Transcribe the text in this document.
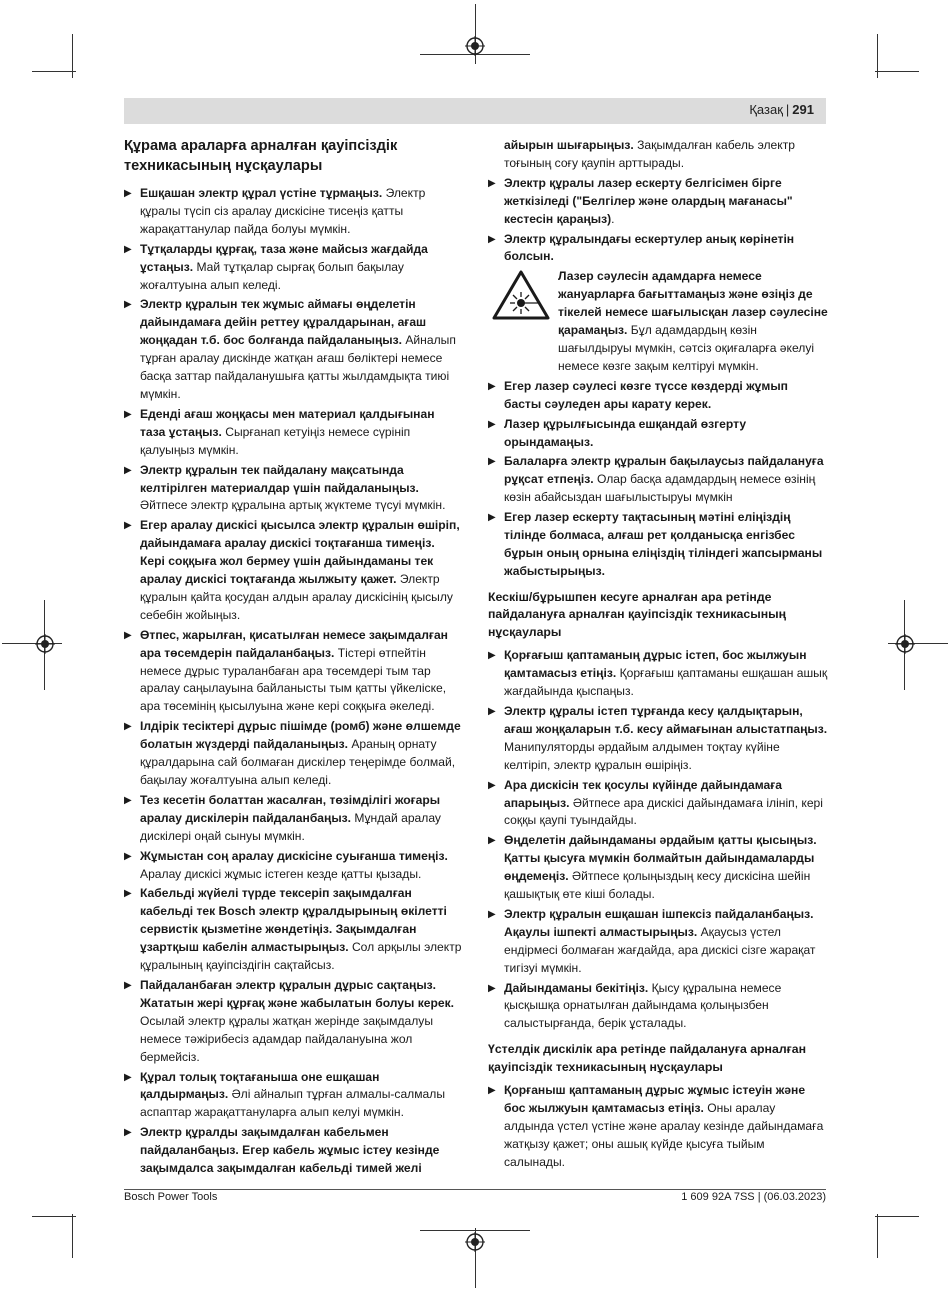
Қазақ | 291
Құрама араларға арналған қауіпсіздік техникасының нұсқаулары
▶ Ешқашан электр құрал үстіне тұрмаңыз. Электр құралы түсіп сіз аралау дискісіне тисеңіз қатты жарақаттанулар пайда болуы мүмкін.
▶ Тұтқаларды құрғақ, таза және майсыз жағдайда ұстаңыз. Май тұтқалар сырғақ болып бақылау жоғалтуына алып келеді.
▶ Электр құралын тек жұмыс аймағы өңделетін дайындамаға дейін реттеу құралдарынан, ағаш жоңқадан т.б. бос болғанда пайдаланыңыз. Айналып тұрған аралау дискінде жатқан ағаш бөліктері немесе басқа заттар пайдаланушыға қатты жылдамдықта тиюі мүмкін.
▶ Едендi ағаш жоңқасы мен материал қалдығынан таза ұстаңыз. Сырғанап кетуіңіз немесе сүрініп қалуыңыз мүмкін.
▶ Электр құралын тек пайдалану мақсатында келтірілген материалдар үшін пайдаланыңыз. Әйтпесе электр құралына артық жүктеме түсуі мүмкін.
▶ Егер аралау дискісі қысылса электр құралын өшіріп, дайындамаға аралау дискісі тоқтағанша тимеңіз. Кері соққыға жол бермеу үшін дайындаманы тек аралау дискісі тоқтағанда жылжыту қажет. Электр құралын қайта қосудан алдын аралау дискісінің қысылу себебін жойыңыз.
▶ Өтпес, жарылған, қисатылған немесе зақымдалған ара төсемдерін пайдаланбаңыз. Тістері өтпейтін немесе дұрыс тураланбаған ара төсемдері тым тар аралау саңылауына байланысты тым қатты үйкеліске, ара төсемінің қысылуына және кері соққыға әкеледі.
▶ Ілдірік тесіктері дұрыс пішімде (ромб) және өлшемде болатын жүздерді пайдаланыңыз. Араның орнату құралдарына сай болмаған дискілер теңерімде болмай, бақылау жоғалтуына алып келеді.
▶ Тез кесетін болаттан жасалған, төзімділігі жоғары аралау дискілерін пайдаланбаңыз. Мұндай аралау дискілері оңай сынуы мүмкін.
▶ Жұмыстан соң аралау дискісіне суығанша тимеңіз. Аралау дискісі жұмыс істеген кезде қатты қызады.
▶ Кабельді жүйелі түрде тексеріп зақымдалған кабельді тек Bosch электр құралдырының өкілетті сервистік қызметіне жөндетіңіз. Зақымдалған ұзартқыш кабелін алмастырыңыз. Сол арқылы электр құралының қауіпсіздігін сақтайсыз.
▶ Пайдаланбаған электр құралын дұрыс сақтаңыз. Жататын жері құрғақ және жабылатын болуы керек. Осылай электр құралы жатқан жерінде зақымдалуы немесе тәжірибесіз адамдар пайдалануына жол бермейсіз.
▶ Құрал толық тоқтағаныша оне ешқашан қалдырмаңыз. Әлі айналып тұрған алмалы-салмалы аспаптар жарақаттануларға алып келуі мүмкін.
▶ Электр құралды зақымдалған кабельмен пайдаланбаңыз. Егер кабель жұмыс істеу кезінде зақымдалса зақымдалған кабельді тимей желі
айырын шығарыңыз. Зақымдалған кабель электр тоғының соғу қаупін арттырады.
▶ Электр құралы лазер ескерту белгісімен бірге жеткізіледі ("Белгілер және олардың мағанасы" кестесін қараңыз).
▶ Электр құралындағы ескертулер анық көрінетін болсын.
Лазер сәулесін адамдарға немесе жануарларға бағыттамаңыз және өзіңіз де тікелей немесе шағылысқан лазер сәулесіне қарамаңыз. Бұл адамдардың көзін шағылдыруы мүмкін, сәтсіз оқиғаларға әкелуі немесе көзге зақым келтіруі мүмкін.
▶ Егер лазер сәулесі көзге түссе көздерді жұмып басты сәуледен ары карату керек.
▶ Лазер құрылғысында ешқандай өзгерту орындамаңыз.
▶ Балаларға электр құралын бақылаусыз пайдалануға рұқсат етпеңіз. Олар басқа адамдардың немесе өзінің көзін абайсыздан шағылыстыруы мүмкін
▶ Егер лазер ескерту тақтасының мәтіні еліңіздің тілінде болмаса, алғаш рет қолданысқа енгізбес бұрын оның орнына еліңіздің тіліндегі жапсырманы жабыстырыңыз.
Кескіш/бұрышпен кесуге арналған ара ретінде пайдалануға арналған қауіпсіздік техникасының нұсқаулары
▶ Қорғағыш қаптаманың дұрыс істеп, бос жылжуын қамтамасыз етіңіз. Қорғағыш қаптаманы ешқашан ашық жағдайында қыспаңыз.
▶ Электр құралы істеп тұрғанда кесу қалдықтарын, ағаш жоңқаларын т.б. кесу аймағынан алыстатпаңыз. Манипуляторды әрдайым алдымен тоқтау күйіне келтіріп, электр құралын өшіріңіз.
▶ Ара дискісін тек қосулы күйінде дайындамаға апарыңыз. Әйтпесе ара дискісі дайындамаға ілініп, кері соққы қаупі туындайды.
▶ Өңделетін дайындаманы әрдайым қатты қысыңыз. Қатты қысуға мүмкін болмайтын дайындамаларды өңдемеңіз. Әйтпесе қолыңыздың кесу дискісіна шейін қашықтық өте кіші болады.
▶ Электр құралын ешқашан ішпексіз пайдаланбаңыз. Ақаулы ішпекті алмастырыңыз. Ақаусыз үстел ендірмесі болмаған жағдайда, ара дискісі сізге жарақат тигізуі мүмкін.
▶ Дайындаманы бекітіңіз. Қысу құралына немесе қысқышқа орнатылған дайындама қолыңызбен салыстырғанда, берік ұсталады.
Үстелдік дискілік ара ретінде пайдалануға арналған қауіпсіздік техникасының нұсқаулары
▶ Қорғаныш қаптаманың дұрыс жұмыс істеуін және бос жылжуын қамтамасыз етіңіз. Оны аралау алдында үстел үстіне және аралау кезінде дайындамаға жатқызу қажет; оны ашық күйде қысуға тыйым салынады.
Bosch Power Tools	1 609 92A 7SS | (06.03.2023)
